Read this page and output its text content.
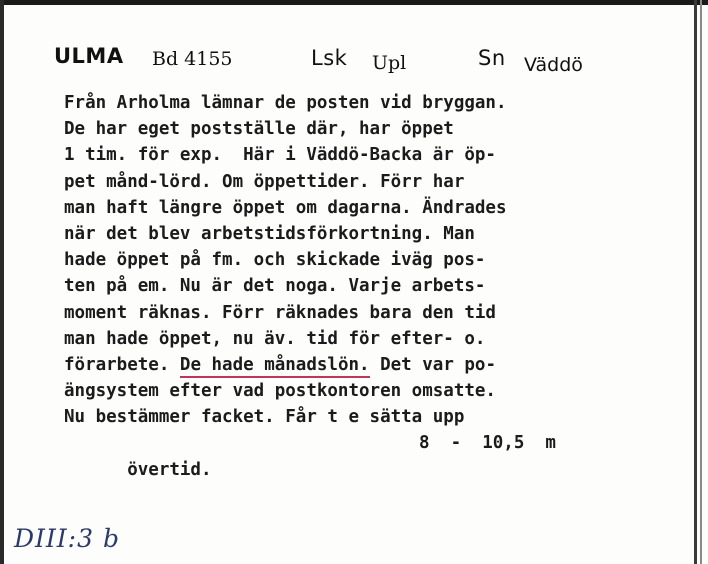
ULMA Bd 4155	Lsk Upl	Sn Väddö
Från Arholma lämnar de posten vid bryggan.
De har eget postställe där, har öppet
1 tim. för exp.  Här i Väddö-Backa är öp-
pet månd-lörd. Om öppettider. Förr har
man haft längre öppet om dagarna. Ändrades
när det blev arbetstidsförkortning. Man
hade öppet på fm. och skickade iväg pos-
ten på em. Nu är det noga. Varje arbets-
moment räknas. Förr räknades bara den tid
man hade öppet, nu äv. tid för efter- o.
förarbete. De hade månadslön. Det var po-
ängsystem efter vad postkontoren omsatte.
Nu bestämmer facket. Får t e sätta upp

övertid.

8  -  10,5  m

DIII:3 b
